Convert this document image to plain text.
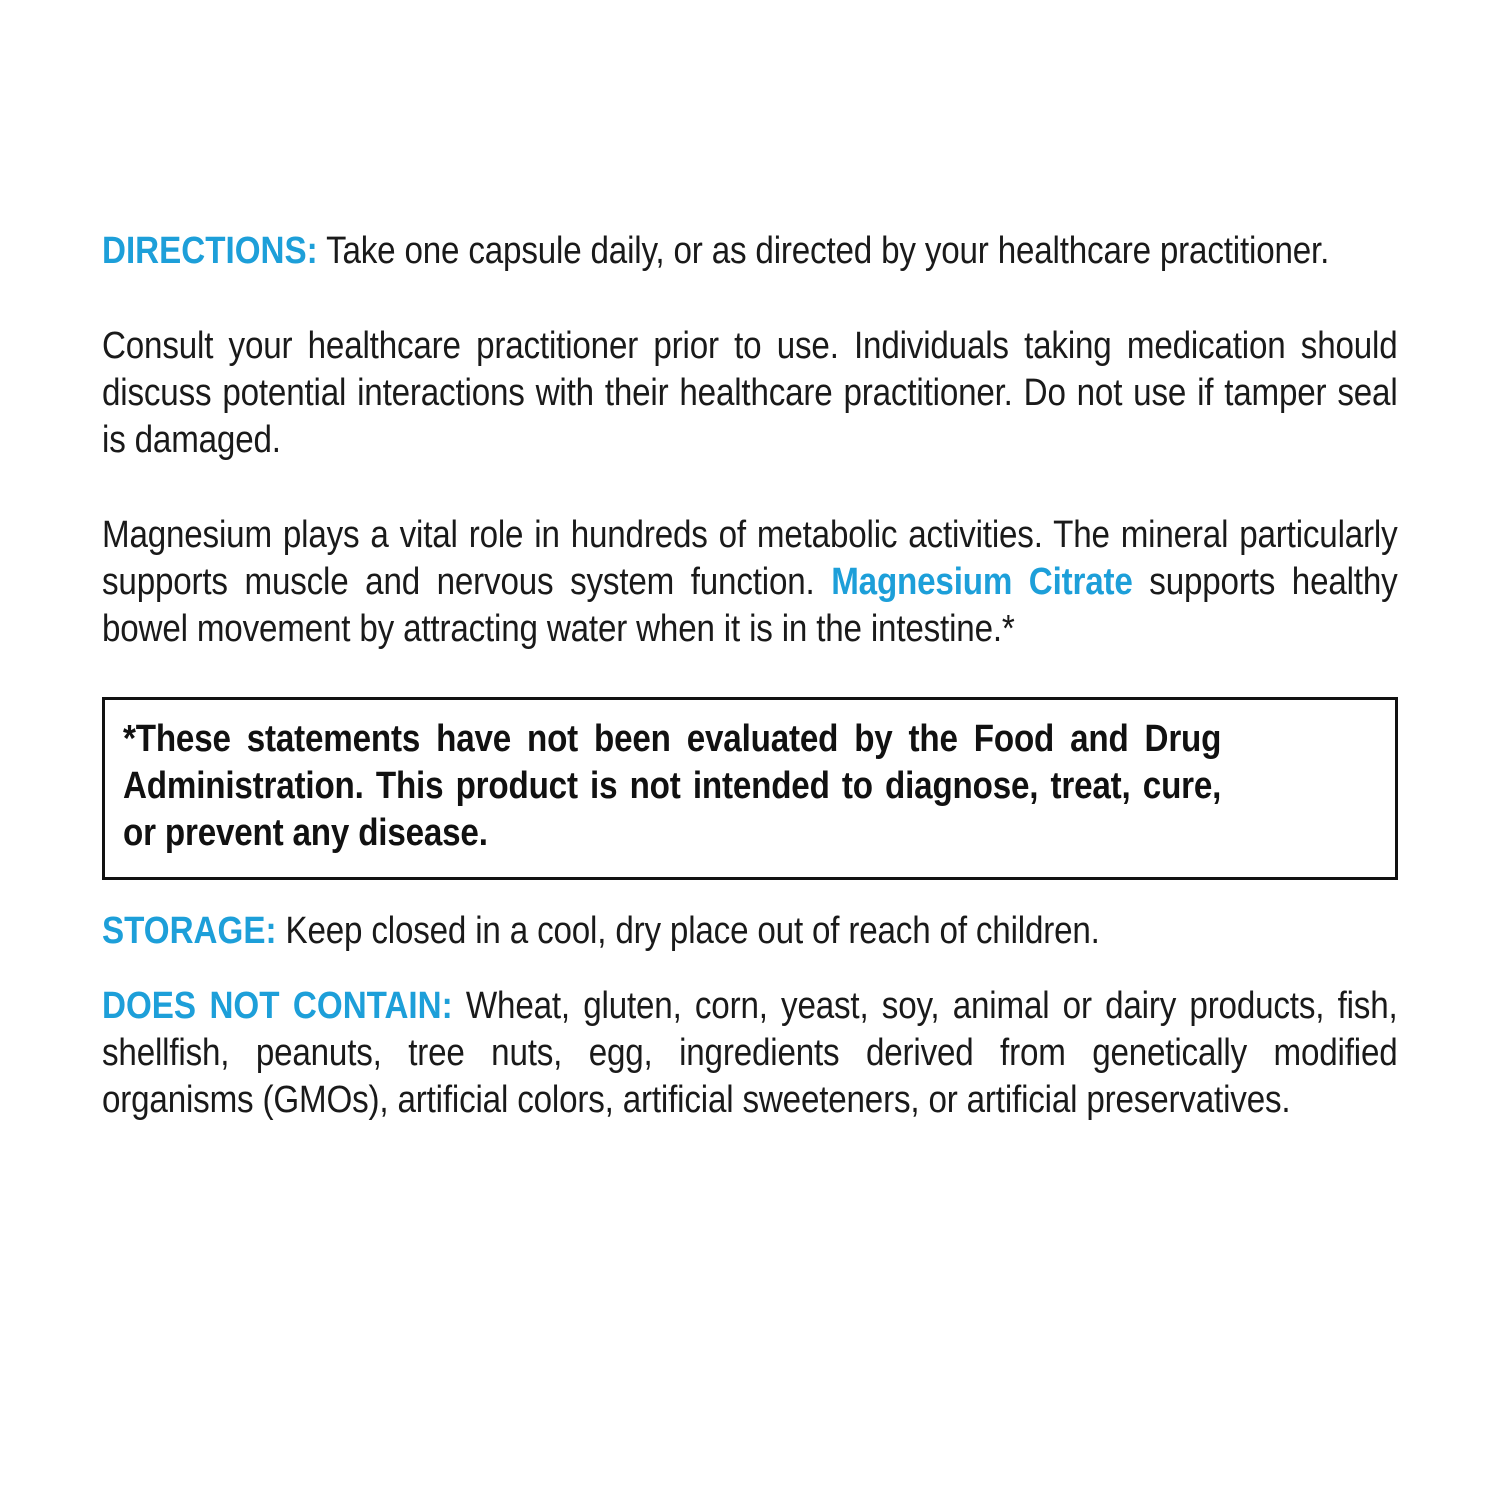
DIRECTIONS: Take one capsule daily, or as directed by your healthcare practitioner.
Consult your healthcare practitioner prior to use. Individuals taking medication should discuss potential interactions with their healthcare practitioner. Do not use if tamper seal is damaged.
Magnesium plays a vital role in hundreds of metabolic activities. The mineral particularly supports muscle and nervous system function. Magnesium Citrate supports healthy bowel movement by attracting water when it is in the intestine.*
*These statements have not been evaluated by the Food and Drug Administration. This product is not intended to diagnose, treat, cure, or prevent any disease.
STORAGE: Keep closed in a cool, dry place out of reach of children.
DOES NOT CONTAIN: Wheat, gluten, corn, yeast, soy, animal or dairy products, fish, shellfish, peanuts, tree nuts, egg, ingredients derived from genetically modified organisms (GMOs), artificial colors, artificial sweeteners, or artificial preservatives.
